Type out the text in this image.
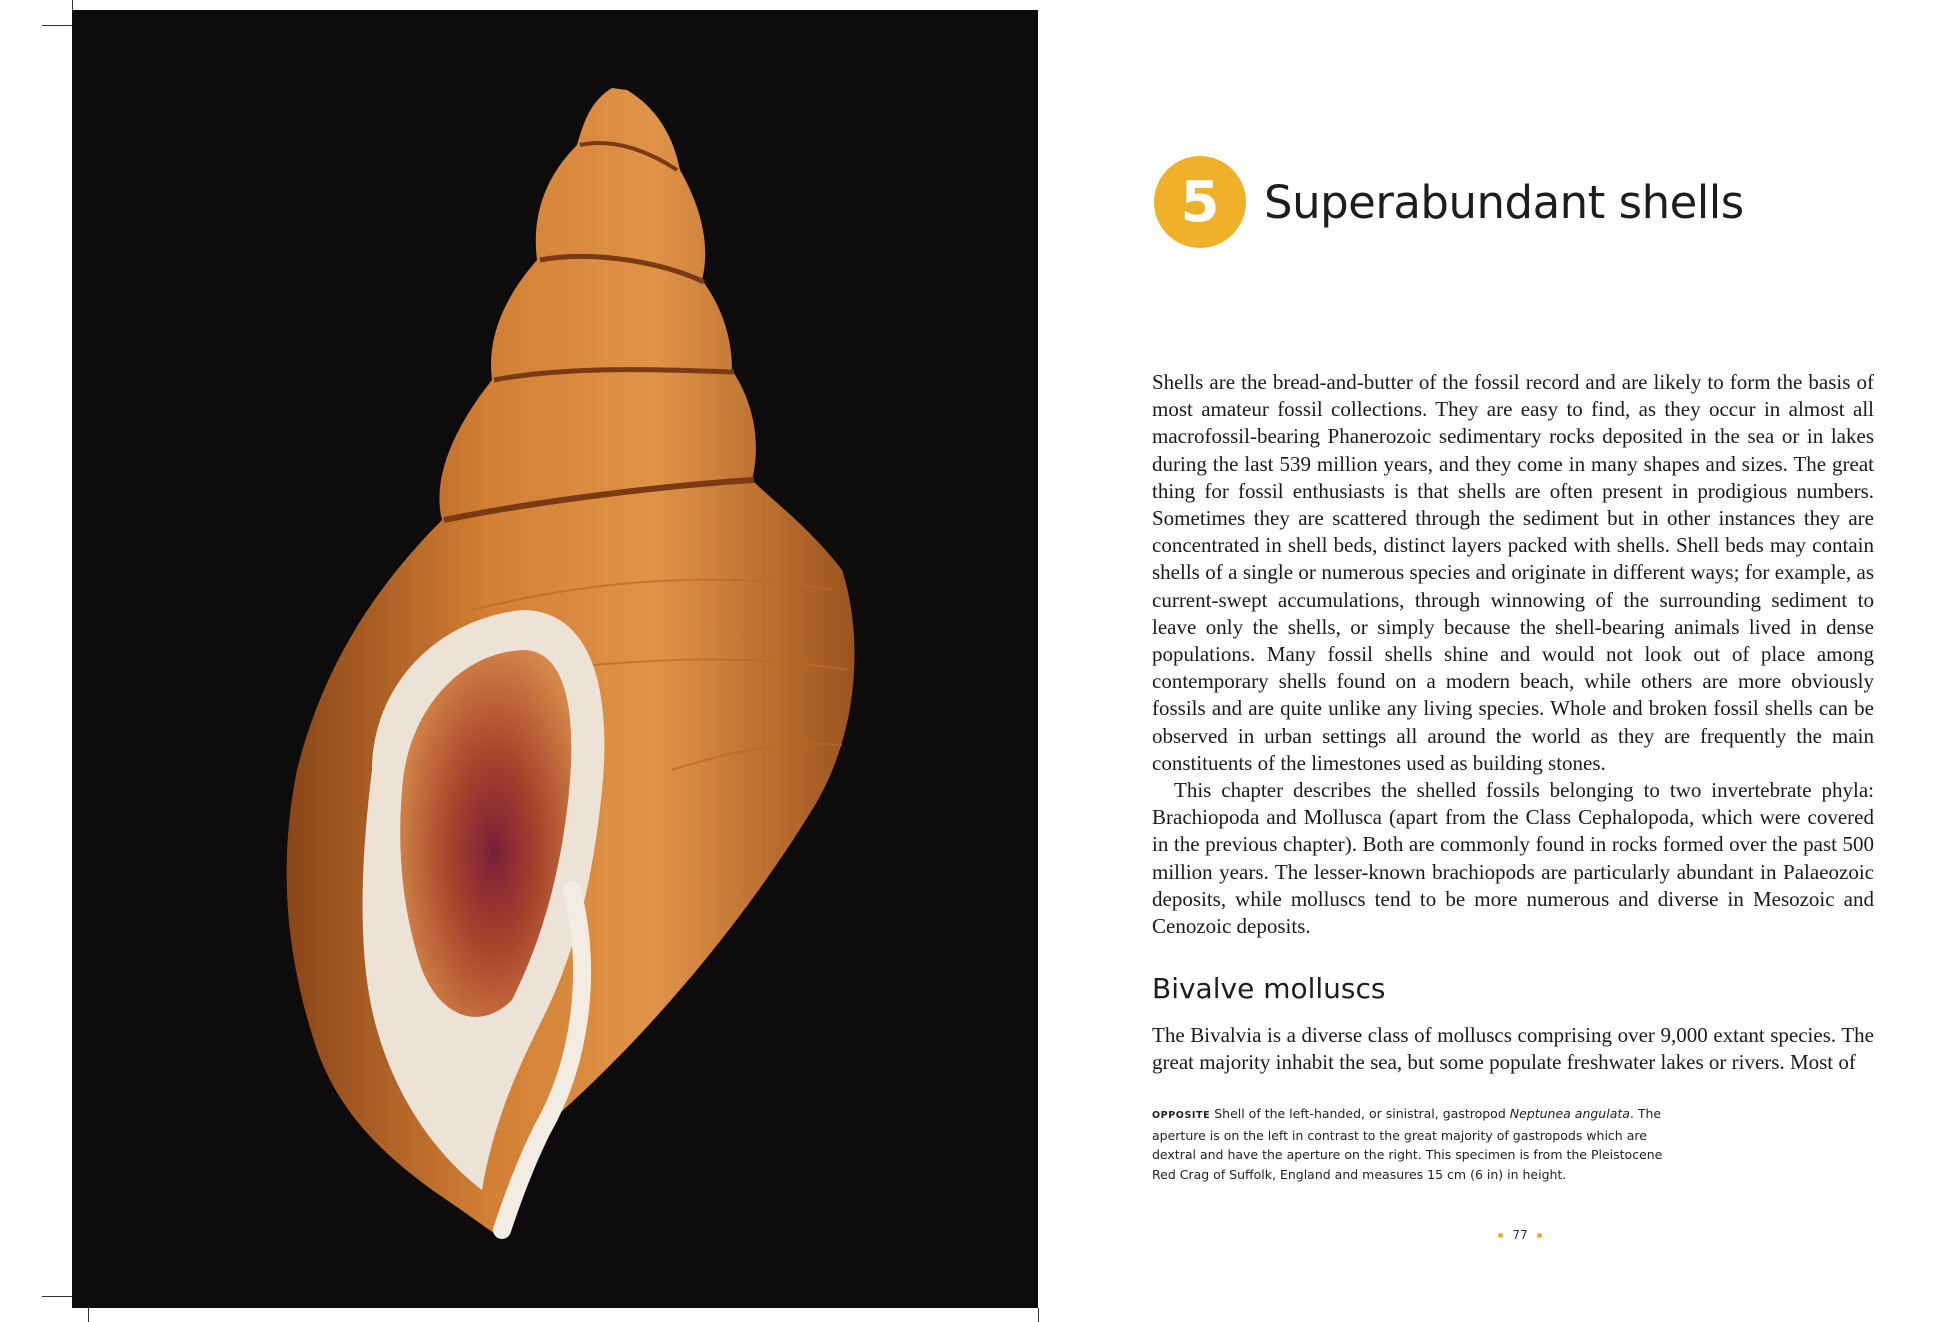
5 Superabundant shells

Shells are the bread-and-butter of the fossil record and are likely to form the basis of most amateur fossil collections. They are easy to find, as they occur in almost all macrofossil-bearing Phanerozoic sedimentary rocks deposited in the sea or in lakes during the last 539 million years, and they come in many shapes and sizes. The great thing for fossil enthusiasts is that shells are often present in prodigious numbers. Sometimes they are scattered through the sediment but in other instances they are concentrated in shell beds, distinct layers packed with shells. Shell beds may contain shells of a single or numerous species and originate in different ways; for example, as current-swept accumulations, through winnowing of the surrounding sediment to leave only the shells, or simply because the shell-bearing animals lived in dense populations. Many fossil shells shine and would not look out of place among contemporary shells found on a modern beach, while others are more obviously fossils and are quite unlike any living species. Whole and broken fossil shells can be observed in urban settings all around the world as they are frequently the main constituents of the limestones used as building stones.

This chapter describes the shelled fossils belonging to two invertebrate phyla: Brachiopoda and Mollusca (apart from the Class Cephalopoda, which were covered in the previous chapter). Both are commonly found in rocks formed over the past 500 million years. The lesser-known brachiopods are particularly abundant in Palaeozoic deposits, while molluscs tend to be more numerous and diverse in Mesozoic and Cenozoic deposits.

Bivalve molluscs

The Bivalvia is a diverse class of molluscs comprising over 9,000 extant species. The great majority inhabit the sea, but some populate freshwater lakes or rivers. Most of

OPPOSITE Shell of the left-handed, or sinistral, gastropod Neptunea angulata. The aperture is on the left in contrast to the great majority of gastropods which are dextral and have the aperture on the right. This specimen is from the Pleistocene Red Crag of Suffolk, England and measures 15 cm (6 in) in height.
77
